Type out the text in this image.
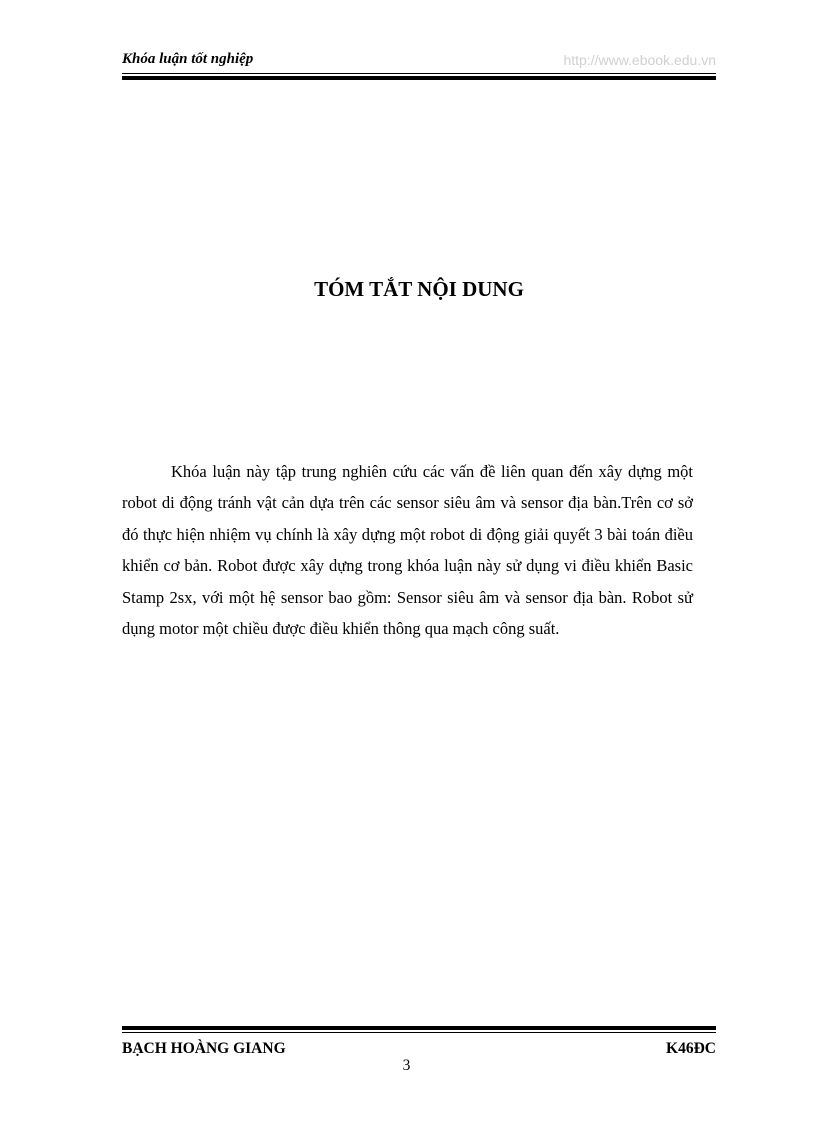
Khóa luận tốt nghiệp	http://www.ebook.edu.vn
TÓM TẮT NỘI DUNG

Khóa luận này tập trung nghiên cứu các vấn đề liên quan đến xây dựng một robot di động tránh vật cản dựa trên các sensor siêu âm và sensor địa bàn.Trên cơ sở đó thực hiện nhiệm vụ chính là xây dựng một robot di động giải quyết 3 bài toán điều khiển cơ bản. Robot được xây dựng trong khóa luận này sử dụng vi điều khiển Basic Stamp 2sx, với một hệ sensor bao gồm: Sensor siêu âm và sensor địa bàn. Robot sử dụng motor một chiều được điều khiển thông qua mạch công suất.

BẠCH HOÀNG GIANG	K46ĐC
3
